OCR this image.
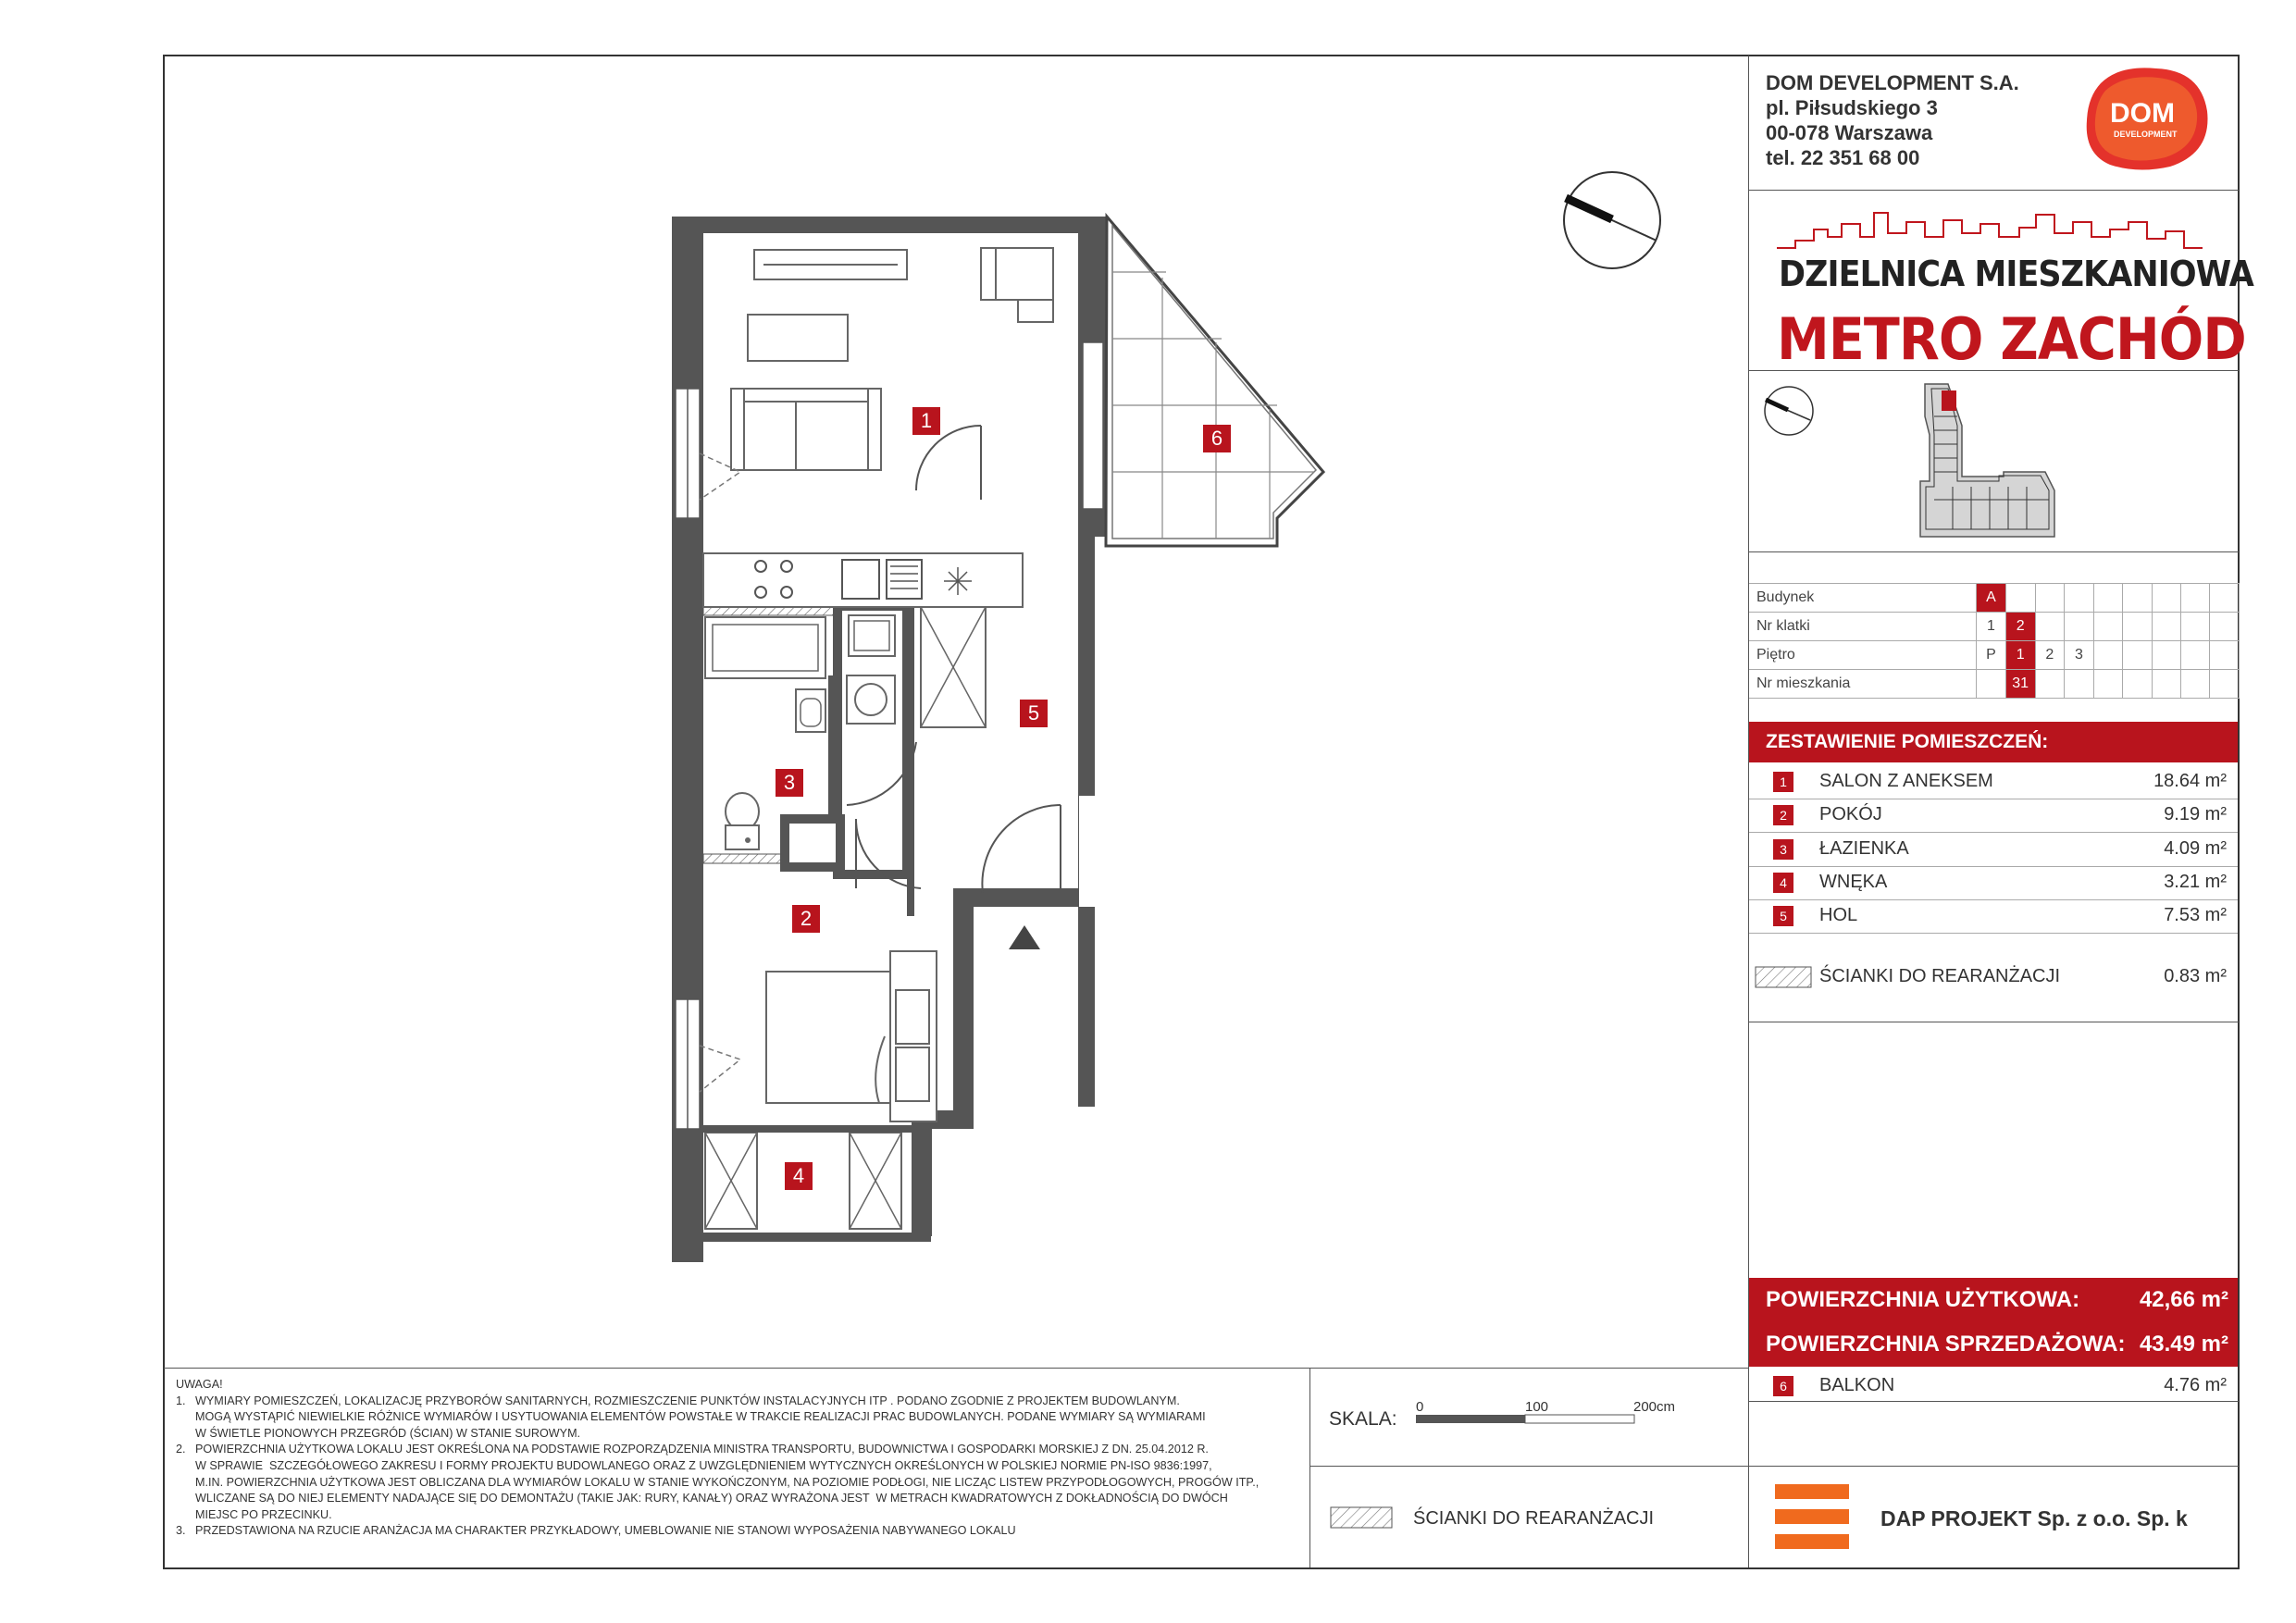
DOM DEVELOPMENT S.A.
pl. Piłsudskiego 3
00-078 Warszawa
tel. 22 351 68 00
DOM
DEVELOPMENT
DZIELNICA MIESZKANIOWA
METRO ZACHÓD
Budynek	A								
Nr klatki	1	2							
Piętro	P	1	2	3					
Nr mieszkania		31							
ZESTAWIENIE POMIESZCZEŃ:
1	SALON Z ANEKSEM	18.64 m²
2	POKÓJ	9.19 m²
3	ŁAZIENKA	4.09 m²
4	WNĘKA	3.21 m²
5	HOL	7.53 m²
ŚCIANKI DO REARANŻACJI	0.83 m²
POWIERZCHNIA UŻYTKOWA:	42,66 m²
POWIERZCHNIA SPRZEDAŻOWA: 43.49 m²
6	BALKON	4.76 m²
DAP PROJEKT Sp. z o.o. Sp. k
SKALA:
0	100	200cm
ŚCIANKI DO REARANŻACJI
UWAGA!
1.   WYMIARY POMIESZCZEŃ, LOKALIZACJĘ PRZYBORÓW SANITARNYCH, ROZMIESZCZENIE PUNKTÓW INSTALACYJNYCH ITP . PODANO ZGODNIE Z PROJEKTEM BUDOWLANYM.
MOGĄ WYSTĄPIĆ NIEWIELKIE RÓŻNICE WYMIARÓW I USYTUOWANIA ELEMENTÓW POWSTAŁE W TRAKCIE REALIZACJI PRAC BUDOWLANYCH. PODANE WYMIARY SĄ WYMIARAMI
W ŚWIETLE PIONOWYCH PRZEGRÓD (ŚCIAN) W STANIE SUROWYM.
2.   POWIERZCHNIA UŻYTKOWA LOKALU JEST OKREŚLONA NA PODSTAWIE ROZPORZĄDZENIA MINISTRA TRANSPORTU, BUDOWNICTWA I GOSPODARKI MORSKIEJ Z DN. 25.04.2012 R.
W SPRAWIE  SZCZEGÓŁOWEGO ZAKRESU I FORMY PROJEKTU BUDOWLANEGO ORAZ Z UWZGLĘDNIENIEM WYTYCZNYCH OKREŚLONYCH W POLSKIEJ NORMIE PN-ISO 9836:1997,
M.IN. POWIERZCHNIA UŻYTKOWA JEST OBLICZANA DLA WYMIARÓW LOKALU W STANIE WYKOŃCZONYM, NA POZIOMIE PODŁOGI, NIE LICZĄC LISTEW PRZYPODŁOGOWYCH, PROGÓW ITP.,
WLICZANE SĄ DO NIEJ ELEMENTY NADAJĄCE SIĘ DO DEMONTAŻU (TAKIE JAK: RURY, KANAŁY) ORAZ WYRAŻONA JEST  W METRACH KWADRATOWYCH Z DOKŁADNOŚCIĄ DO DWÓCH
MIEJSC PO PRZECINKU.
3.   PRZEDSTAWIONA NA RZUCIE ARANŻACJA MA CHARAKTER PRZYKŁADOWY, UMEBLOWANIE NIE STANOWI WYPOSAŻENIA NABYWANEGO LOKALU
1
2
3
4
5
6
